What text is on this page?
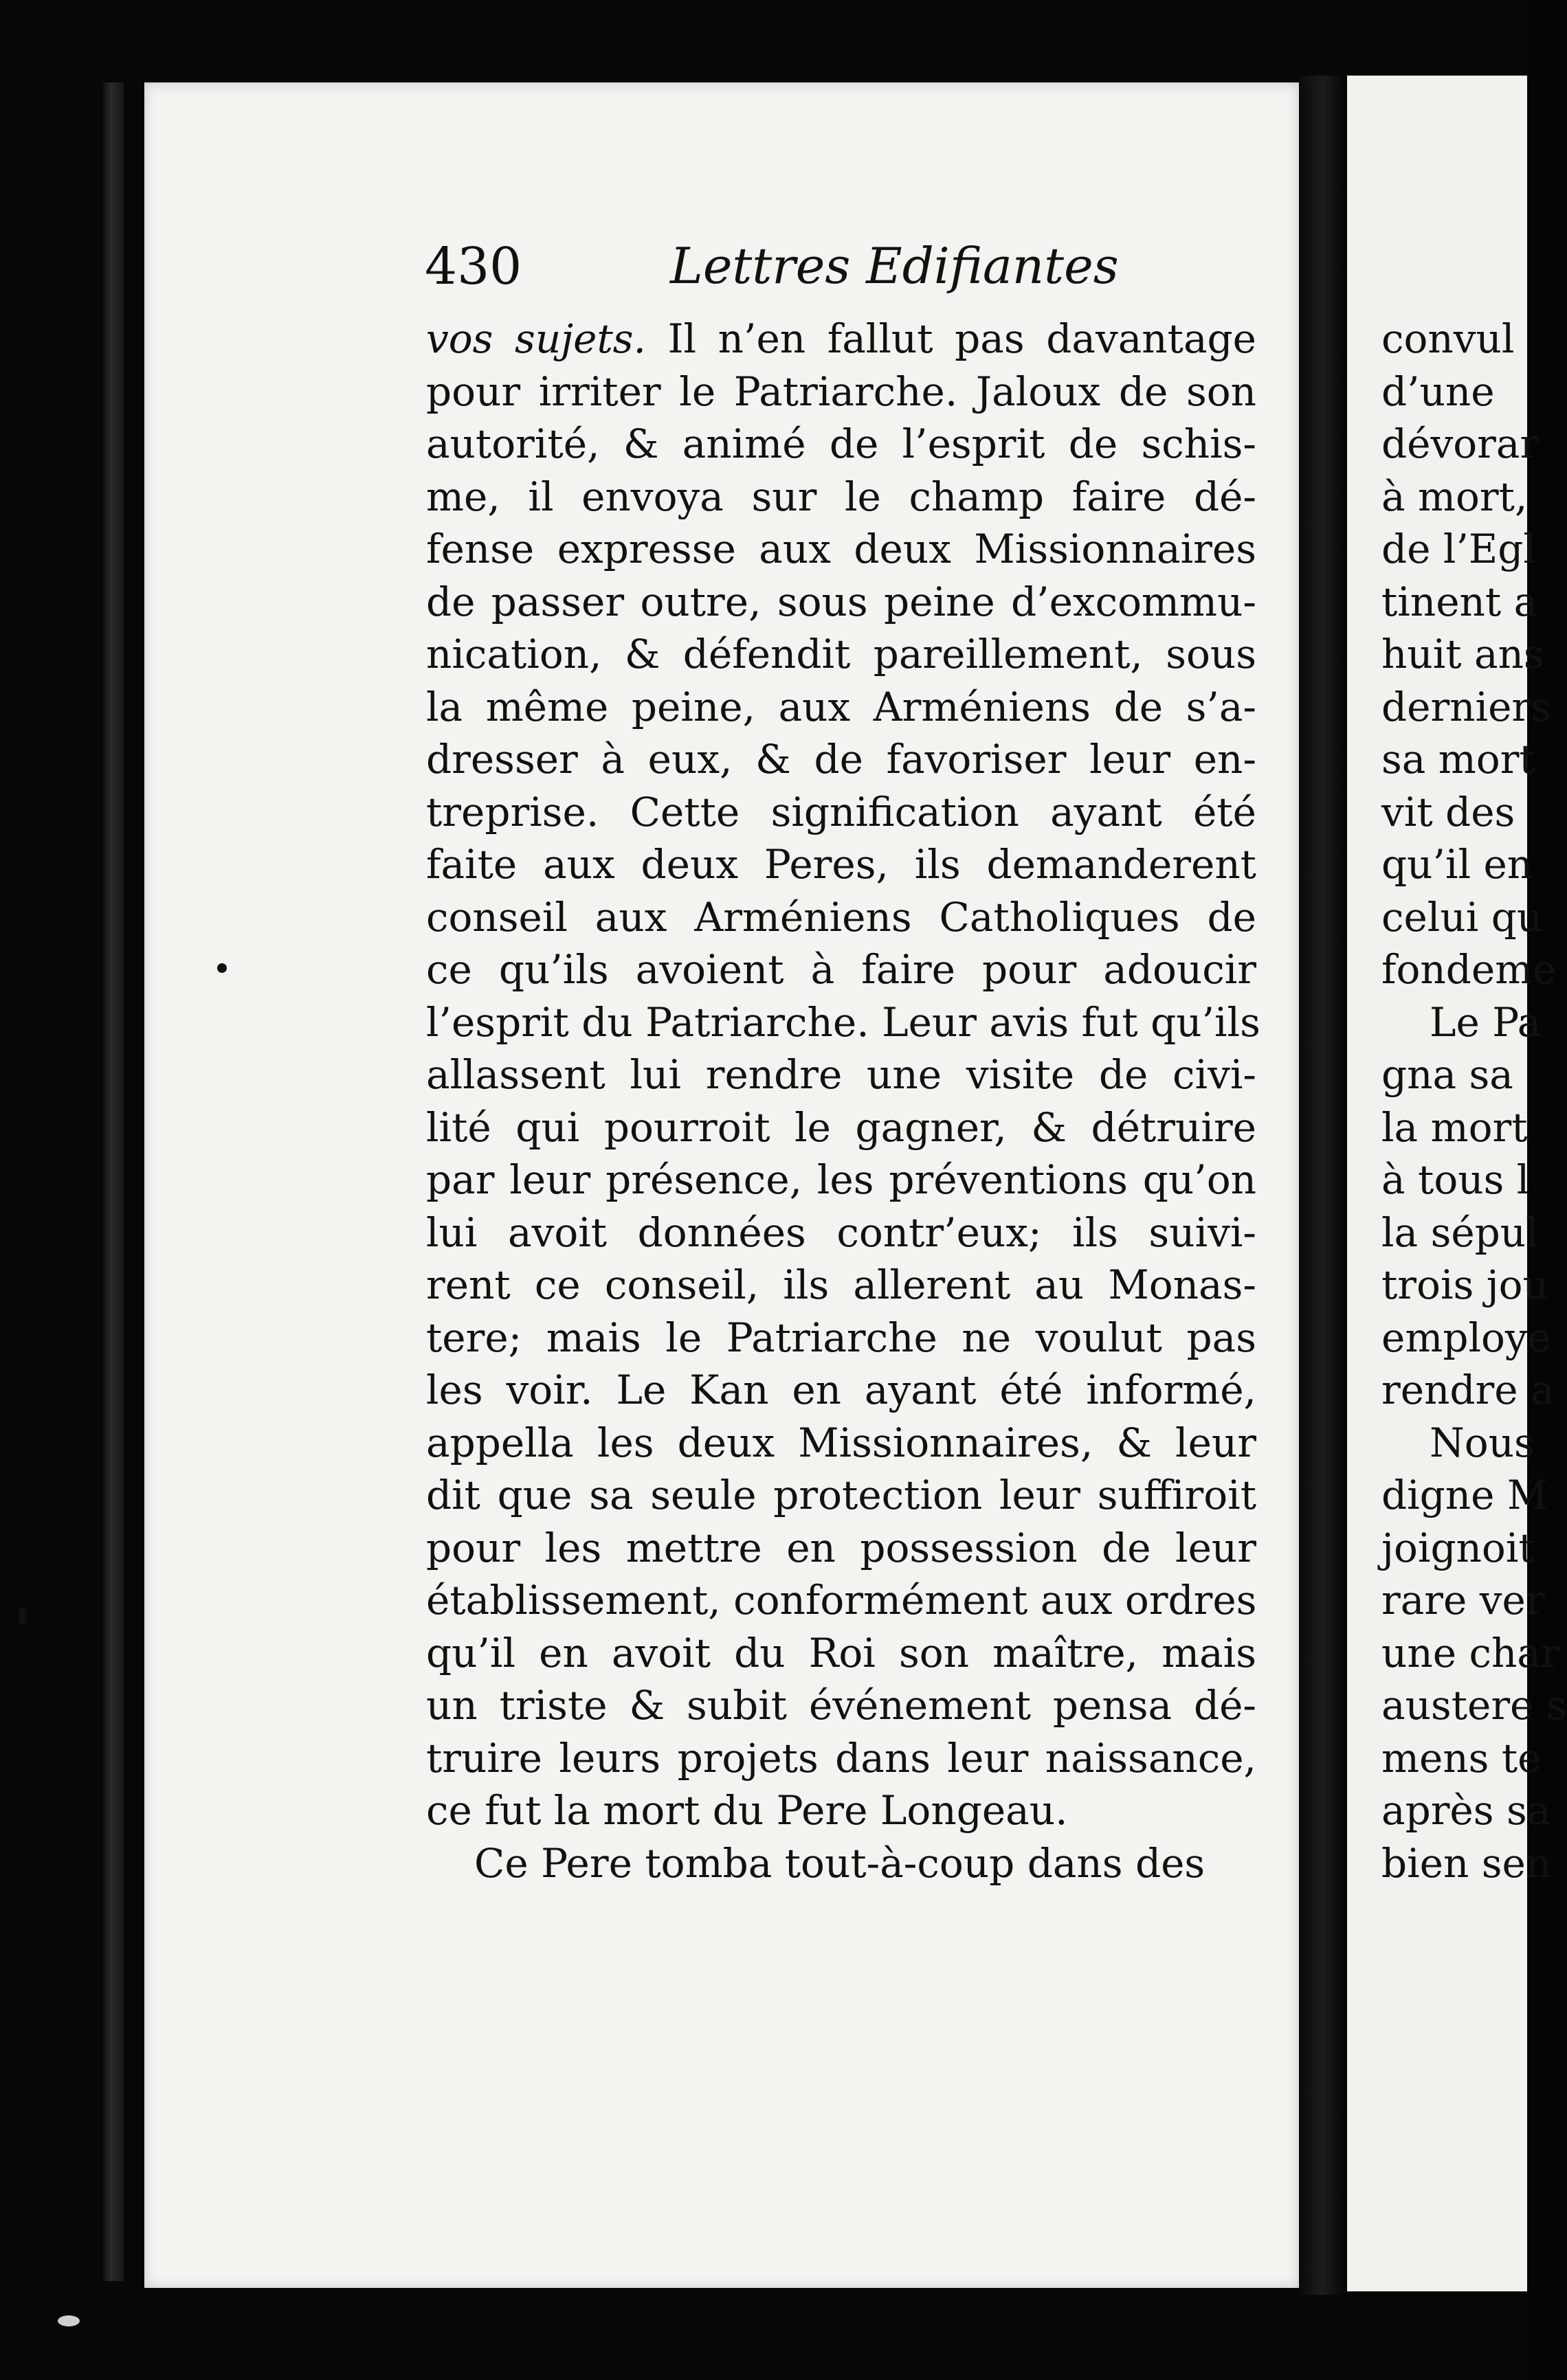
430	Lettres Edifiantes
vos sujets. Il n’en fallut pas davantage
pour irriter le Patriarche. Jaloux de son
autorité, & animé de l’esprit de schis-
me, il envoya sur le champ faire dé-
fense expresse aux deux Missionnaires
de passer outre, sous peine d’excommu-
nication, & défendit pareillement, sous
la même peine, aux Arméniens de s’a-
dresser à eux, & de favoriser leur en-
treprise. Cette signification ayant été
faite aux deux Peres, ils demanderent
conseil aux Arméniens Catholiques de
ce qu’ils avoient à faire pour adoucir
l’esprit du Patriarche. Leur avis fut qu’ils
allassent lui rendre une visite de civi-
lité qui pourroit le gagner, & détruire
par leur présence, les préventions qu’on
lui avoit données contr’eux; ils suivi-
rent ce conseil, ils allerent au Monas-
tere; mais le Patriarche ne voulut pas
les voir. Le Kan en ayant été informé,
appella les deux Missionnaires, & leur
dit que sa seule protection leur suffiroit
pour les mettre en possession de leur
établissement, conformément aux ordres
qu’il en avoit du Roi son maître, mais
un triste & subit événement pensa dé-
truire leurs projets dans leur naissance,
ce fut la mort du Pere Longeau.
Ce Pere tomba tout-à-coup dans des
convul
d’une
dévorar
à mort,
de l’Egl
tinent a
huit ans
derniers
sa mort
vit des
qu’il en
celui qu
fondeme
Le Pa
gna sa
la mort
à tous l
la sépul
trois jou
employe
rendre a
Nous
digne M
joignoit
rare ver
une char
austere s
mens te
après sa
bien sen
